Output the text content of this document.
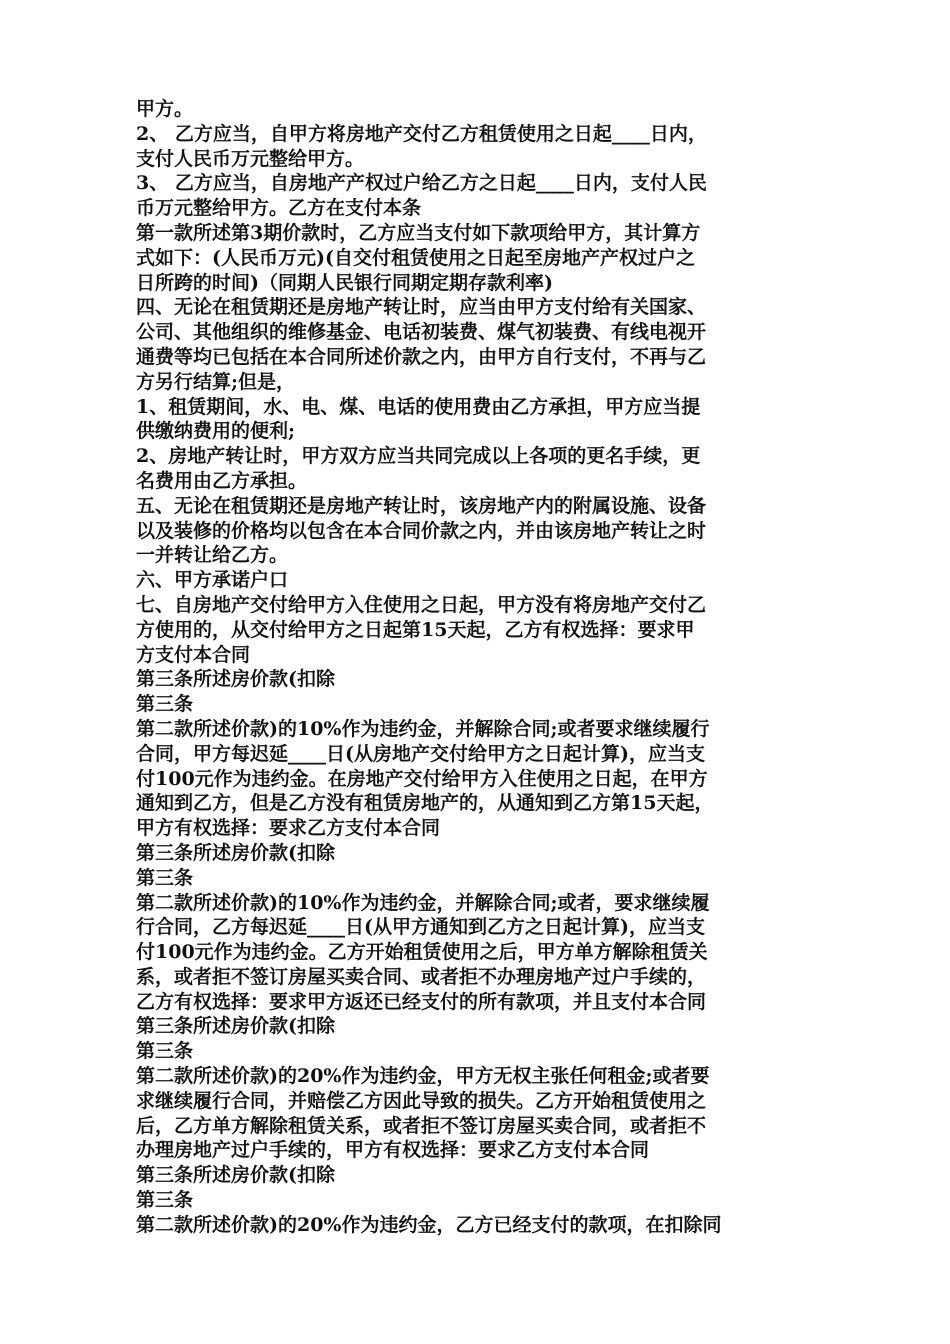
甲方。
2、 乙方应当，自甲方将房地产交付乙方租赁使用之日起____日内，
支付人民币万元整给甲方。
3、 乙方应当，自房地产产权过户给乙方之日起____日内，支付人民
币万元整给甲方。乙方在支付本条
第一款所述第3期价款时，乙方应当支付如下款项给甲方，其计算方
式如下：(人民币万元)(自交付租赁使用之日起至房地产产权过户之
日所跨的时间)（同期人民银行同期定期存款利率)
四、无论在租赁期还是房地产转让时，应当由甲方支付给有关国家、
公司、其他组织的维修基金、电话初装费、煤气初装费、有线电视开
通费等均已包括在本合同所述价款之内，由甲方自行支付，不再与乙
方另行结算;但是，
1、租赁期间，水、电、煤、电话的使用费由乙方承担，甲方应当提
供缴纳费用的便利;
2、房地产转让时，甲方双方应当共同完成以上各项的更名手续，更
名费用由乙方承担。
五、无论在租赁期还是房地产转让时，该房地产内的附属设施、设备
以及装修的价格均以包含在本合同价款之内，并由该房地产转让之时
一并转让给乙方。
六、甲方承诺户口
七、自房地产交付给甲方入住使用之日起，甲方没有将房地产交付乙
方使用的，从交付给甲方之日起第15天起，乙方有权选择：要求甲
方支付本合同
第三条所述房价款(扣除
第三条
第二款所述价款)的10%作为违约金，并解除合同;或者要求继续履行
合同，甲方每迟延____日(从房地产交付给甲方之日起计算)，应当支
付100元作为违约金。在房地产交付给甲方入住使用之日起，在甲方
通知到乙方，但是乙方没有租赁房地产的，从通知到乙方第15天起，
甲方有权选择：要求乙方支付本合同
第三条所述房价款(扣除
第三条
第二款所述价款)的10%作为违约金，并解除合同;或者，要求继续履
行合同，乙方每迟延____日(从甲方通知到乙方之日起计算)，应当支
付100元作为违约金。乙方开始租赁使用之后，甲方单方解除租赁关
系，或者拒不签订房屋买卖合同、或者拒不办理房地产过户手续的，
乙方有权选择：要求甲方返还已经支付的所有款项，并且支付本合同
第三条所述房价款(扣除
第三条
第二款所述价款)的20%作为违约金，甲方无权主张任何租金;或者要
求继续履行合同，并赔偿乙方因此导致的损失。乙方开始租赁使用之
后，乙方单方解除租赁关系，或者拒不签订房屋买卖合同，或者拒不
办理房地产过户手续的，甲方有权选择：要求乙方支付本合同
第三条所述房价款(扣除
第三条
第二款所述价款)的20%作为违约金，乙方已经支付的款项，在扣除同
